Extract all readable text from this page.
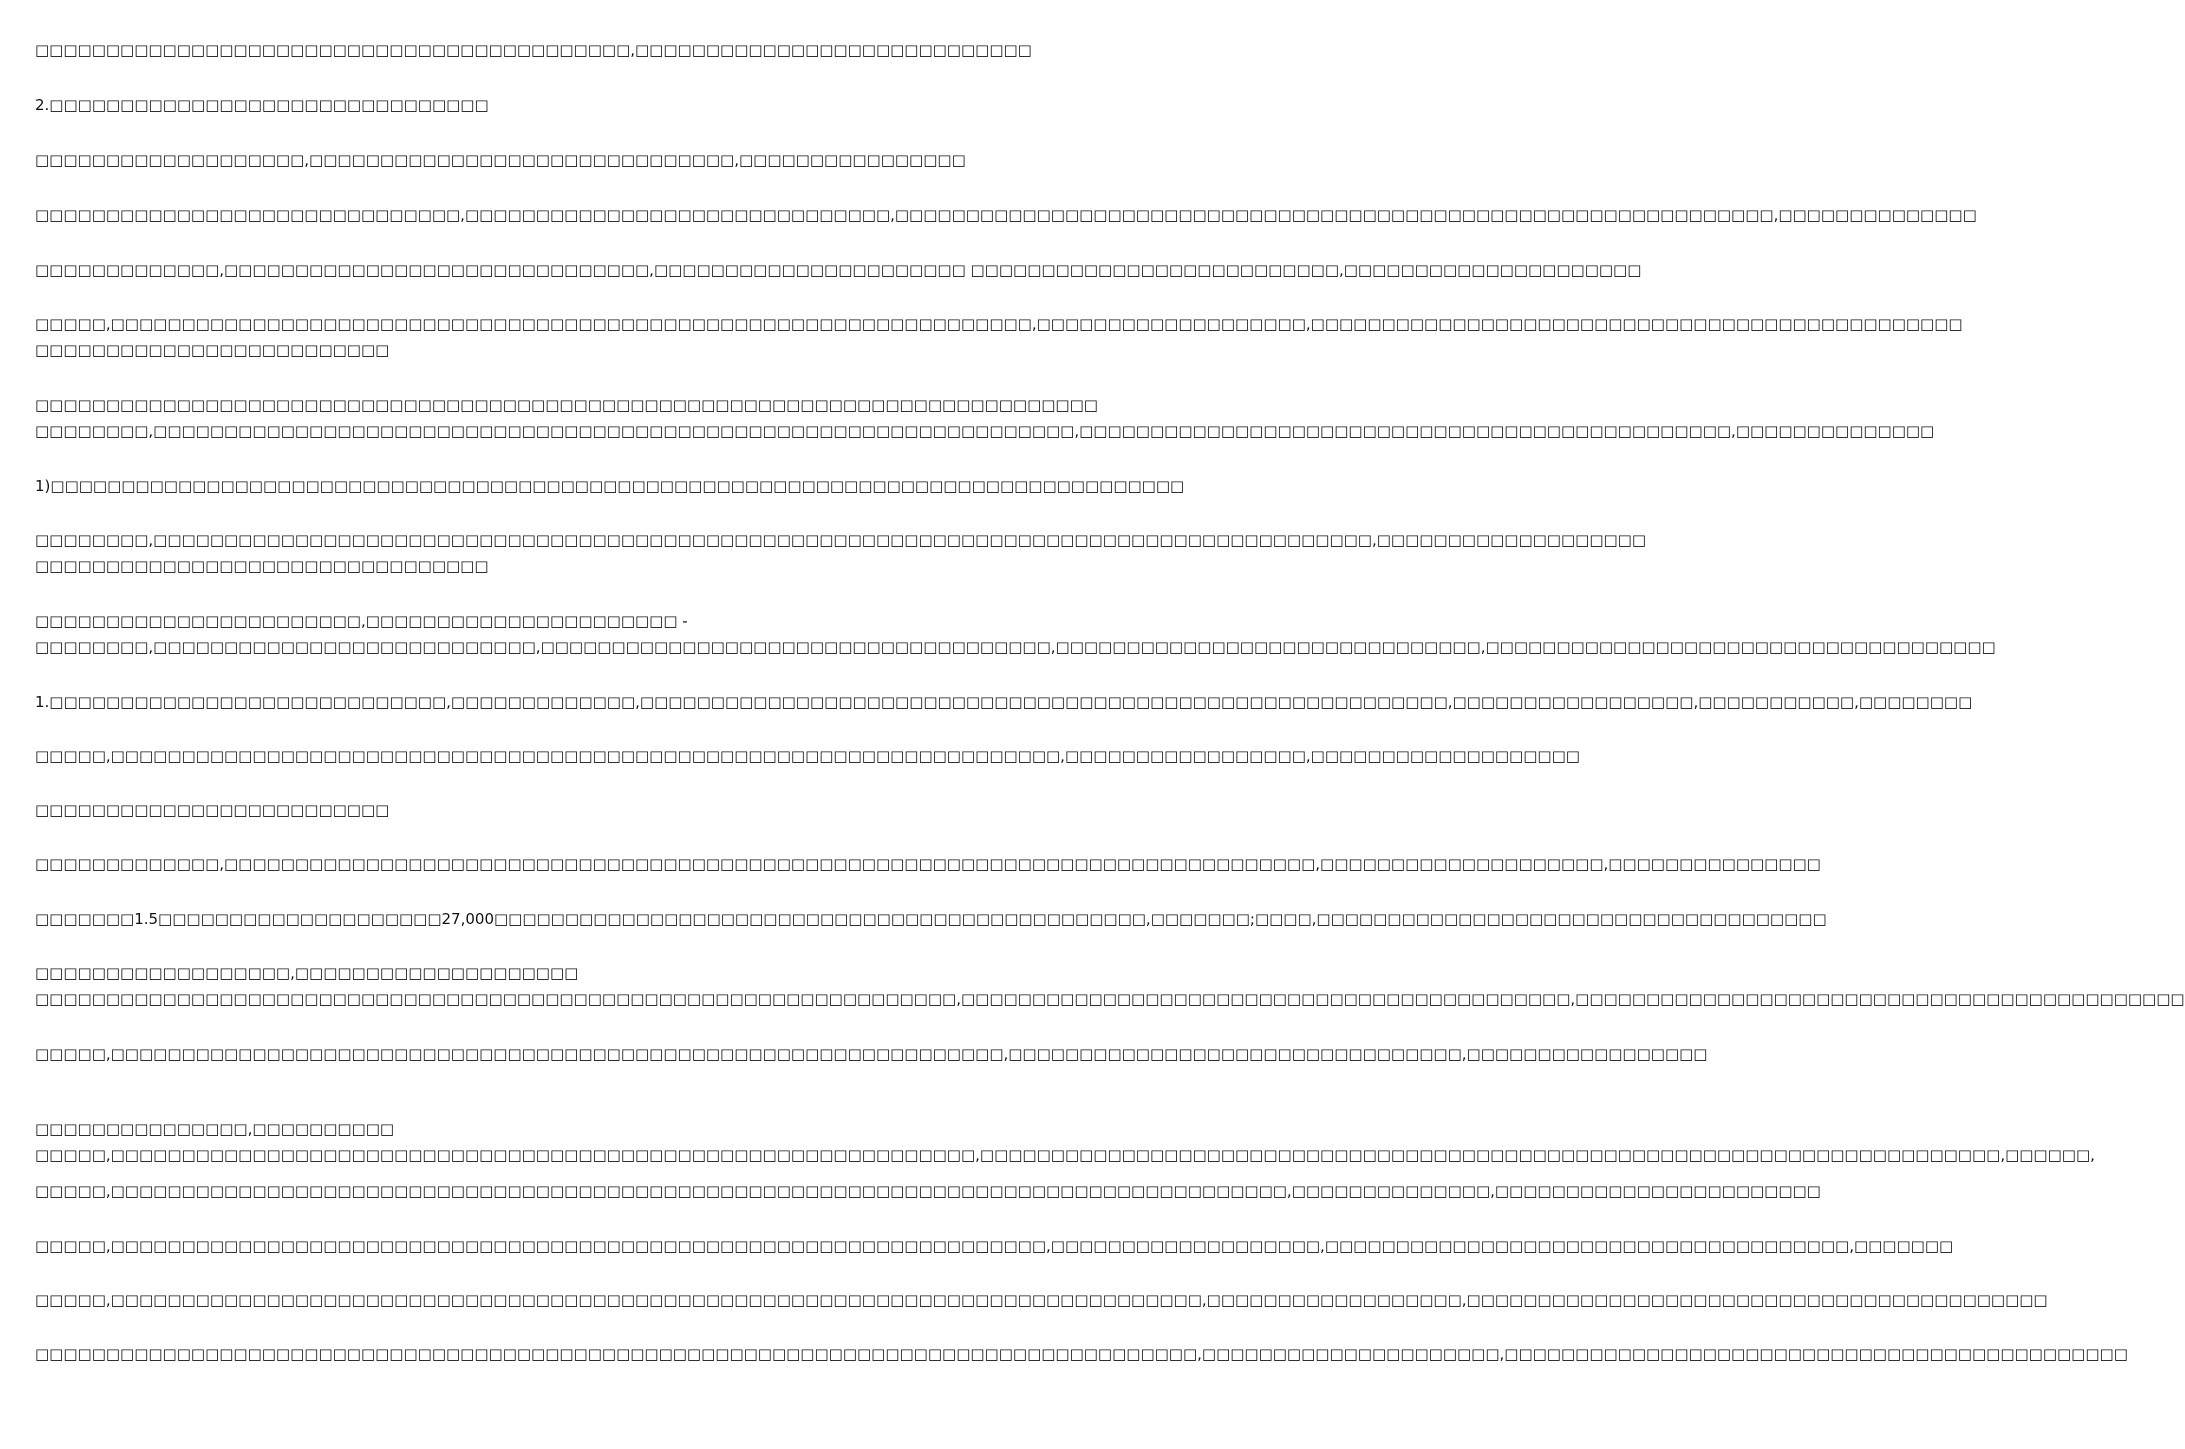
□□□□□□□□□□□□□□□□□□□□□□□□□□□□□□□□□□□□□□□□□□,□□□□□□□□□□□□□□□□□□□□□□□□□□□□
2.□□□□□□□□□□□□□□□□□□□□□□□□□□□□□□□
□□□□□□□□□□□□□□□□□□□,□□□□□□□□□□□□□□□□□□□□□□□□□□□□□□,□□□□□□□□□□□□□□□□
□□□□□□□□□□□□□□□□□□□□□□□□□□□□□□,□□□□□□□□□□□□□□□□□□□□□□□□□□□□□□,□□□□□□□□□□□□□□□□□□□□□□□□□□□□□□□□□□□□□□□□□□□□□□□□□□□□□□□□□□□□□□,□□□□□□□□□□□□□□
□□□□□□□□□□□□□,□□□□□□□□□□□□□□□□□□□□□□□□□□□□□□,□□□□□□□□□□□□□□□□□□□□□□ □□□□□□□□□□□□□□□□□□□□□□□□□□,□□□□□□□□□□□□□□□□□□□□□
□□□□□,□□□□□□□□□□□□□□□□□□□□□□□□□□□□□□□□□□□□□□□□□□□□□□□□□□□□□□□□□□□□□□□□□,□□□□□□□□□□□□□□□□□□□,□□□□□□□□□□□□□□□□□□□□□□□□□□□□□□□□□□□□□□□□□□□□□□
□□□□□□□□□□□□□□□□□□□□□□□□□
□□□□□□□□□□□□□□□□□□□□□□□□□□□□□□□□□□□□□□□□□□□□□□□□□□□□□□□□□□□□□□□□□□□□□□□□□□□
□□□□□□□□,□□□□□□□□□□□□□□□□□□□□□□□□□□□□□□□□□□□□□□□□□□□□□□□□□□□□□□□□□□□□□□□□□,□□□□□□□□□□□□□□□□□□□□□□□□□□□□□□□□□□□□□□□□□□□□□□,□□□□□□□□□□□□□□
1)□□□□□□□□□□□□□□□□□□□□□□□□□□□□□□□□□□□□□□□□□□□□□□□□□□□□□□□□□□□□□□□□□□□□□□□□□□□□□□□□
□□□□□□□□,□□□□□□□□□□□□□□□□□□□□□□□□□□□□□□□□□□□□□□□□□□□□□□□□□□□□□□□□□□□□□□□□□□□□□□□□□□□□□□□□□□□□□□,□□□□□□□□□□□□□□□□□□□
□□□□□□□□□□□□□□□□□□□□□□□□□□□□□□□□
□□□□□□□□□□□□□□□□□□□□□□□,□□□□□□□□□□□□□□□□□□□□□□ -
□□□□□□□□,□□□□□□□□□□□□□□□□□□□□□□□□□□□,□□□□□□□□□□□□□□□□□□□□□□□□□□□□□□□□□□□□,□□□□□□□□□□□□□□□□□□□□□□□□□□□□□□,□□□□□□□□□□□□□□□□□□□□□□□□□□□□□□□□□□□□
1.□□□□□□□□□□□□□□□□□□□□□□□□□□□□,□□□□□□□□□□□□□,□□□□□□□□□□□□□□□□□□□□□□□□□□□□□□□□□□□□□□□□□□□□□□□□□□□□□□□□□,□□□□□□□□□□□□□□□□□,□□□□□□□□□□□,□□□□□□□□
□□□□□,□□□□□□□□□□□□□□□□□□□□□□□□□□□□□□□□□□□□□□□□□□□□□□□□□□□□□□□□□□□□□□□□□□□,□□□□□□□□□□□□□□□□□,□□□□□□□□□□□□□□□□□□□
□□□□□□□□□□□□□□□□□□□□□□□□□
□□□□□□□□□□□□□,□□□□□□□□□□□□□□□□□□□□□□□□□□□□□□□□□□□□□□□□□□□□□□□□□□□□□□□□□□□□□□□□□□□□□□□□□□□□□,□□□□□□□□□□□□□□□□□□□□,□□□□□□□□□□□□□□□
□□□□□□□1.5□□□□□□□□□□□□□□□□□□□□27,000□□□□□□□□□□□□□□□□□□□□□□□□□□□□□□□□□□□□□□□□□□□□□□,□□□□□□□;□□□□,□□□□□□□□□□□□□□□□□□□□□□□□□□□□□□□□□□□□
□□□□□□□□□□□□□□□□□□,□□□□□□□□□□□□□□□□□□□□
□□□□□□□□□□□□□□□□□□□□□□□□□□□□□□□□□□□□□□□□□□□□□□□□□□□□□□□□□□□□□□□□□,□□□□□□□□□□□□□□□□□□□□□□□□□□□□□□□□□□□□□□□□□□□,□□□□□□□□□□□□□□□□□□□□□□□□□□□□□□□□□□□□□□□□□□□
□□□□□,□□□□□□□□□□□□□□□□□□□□□□□□□□□□□□□□□□□□□□□□□□□□□□□□□□□□□□□□□□□□□□□,□□□□□□□□□□□□□□□□□□□□□□□□□□□□□□□□,□□□□□□□□□□□□□□□□□
□□□□□□□□□□□□□□□,□□□□□□□□□□
□□□□□,□□□□□□□□□□□□□□□□□□□□□□□□□□□□□□□□□□□□□□□□□□□□□□□□□□□□□□□□□□□□□,□□□□□□□□□□□□□□□□□□□□□□□□□□□□□□□□□□□□□□□□□□□□□□□□□□□□□□□□□□□□□□□□□□□□□□□□,□□□□□□,
□□□□□,□□□□□□□□□□□□□□□□□□□□□□□□□□□□□□□□□□□□□□□□□□□□□□□□□□□□□□□□□□□□□□□□□□□□□□□□□□□□□□□□□□□,□□□□□□□□□□□□□□,□□□□□□□□□□□□□□□□□□□□□□□
□□□□□,□□□□□□□□□□□□□□□□□□□□□□□□□□□□□□□□□□□□□□□□□□□□□□□□□□□□□□□□□□□□□□□□□□,□□□□□□□□□□□□□□□□□□□,□□□□□□□□□□□□□□□□□□□□□□□□□□□□□□□□□□□□□,□□□□□□□
□□□□□,□□□□□□□□□□□□□□□□□□□□□□□□□□□□□□□□□□□□□□□□□□□□□□□□□□□□□□□□□□□□□□□□□□□□□□□□□□□□□,□□□□□□□□□□□□□□□□□□,□□□□□□□□□□□□□□□□□□□□□□□□□□□□□□□□□□□□□□□□□
□□□□□□□□□□□□□□□□□□□□□□□□□□□□□□□□□□□□□□□□□□□□□□□□□□□□□□□□□□□□□□□□□□□□□□□□□□□□□□□□□□,□□□□□□□□□□□□□□□□□□□□□,□□□□□□□□□□□□□□□□□□□□□□□□□□□□□□□□□□□□□□□□□□□□
